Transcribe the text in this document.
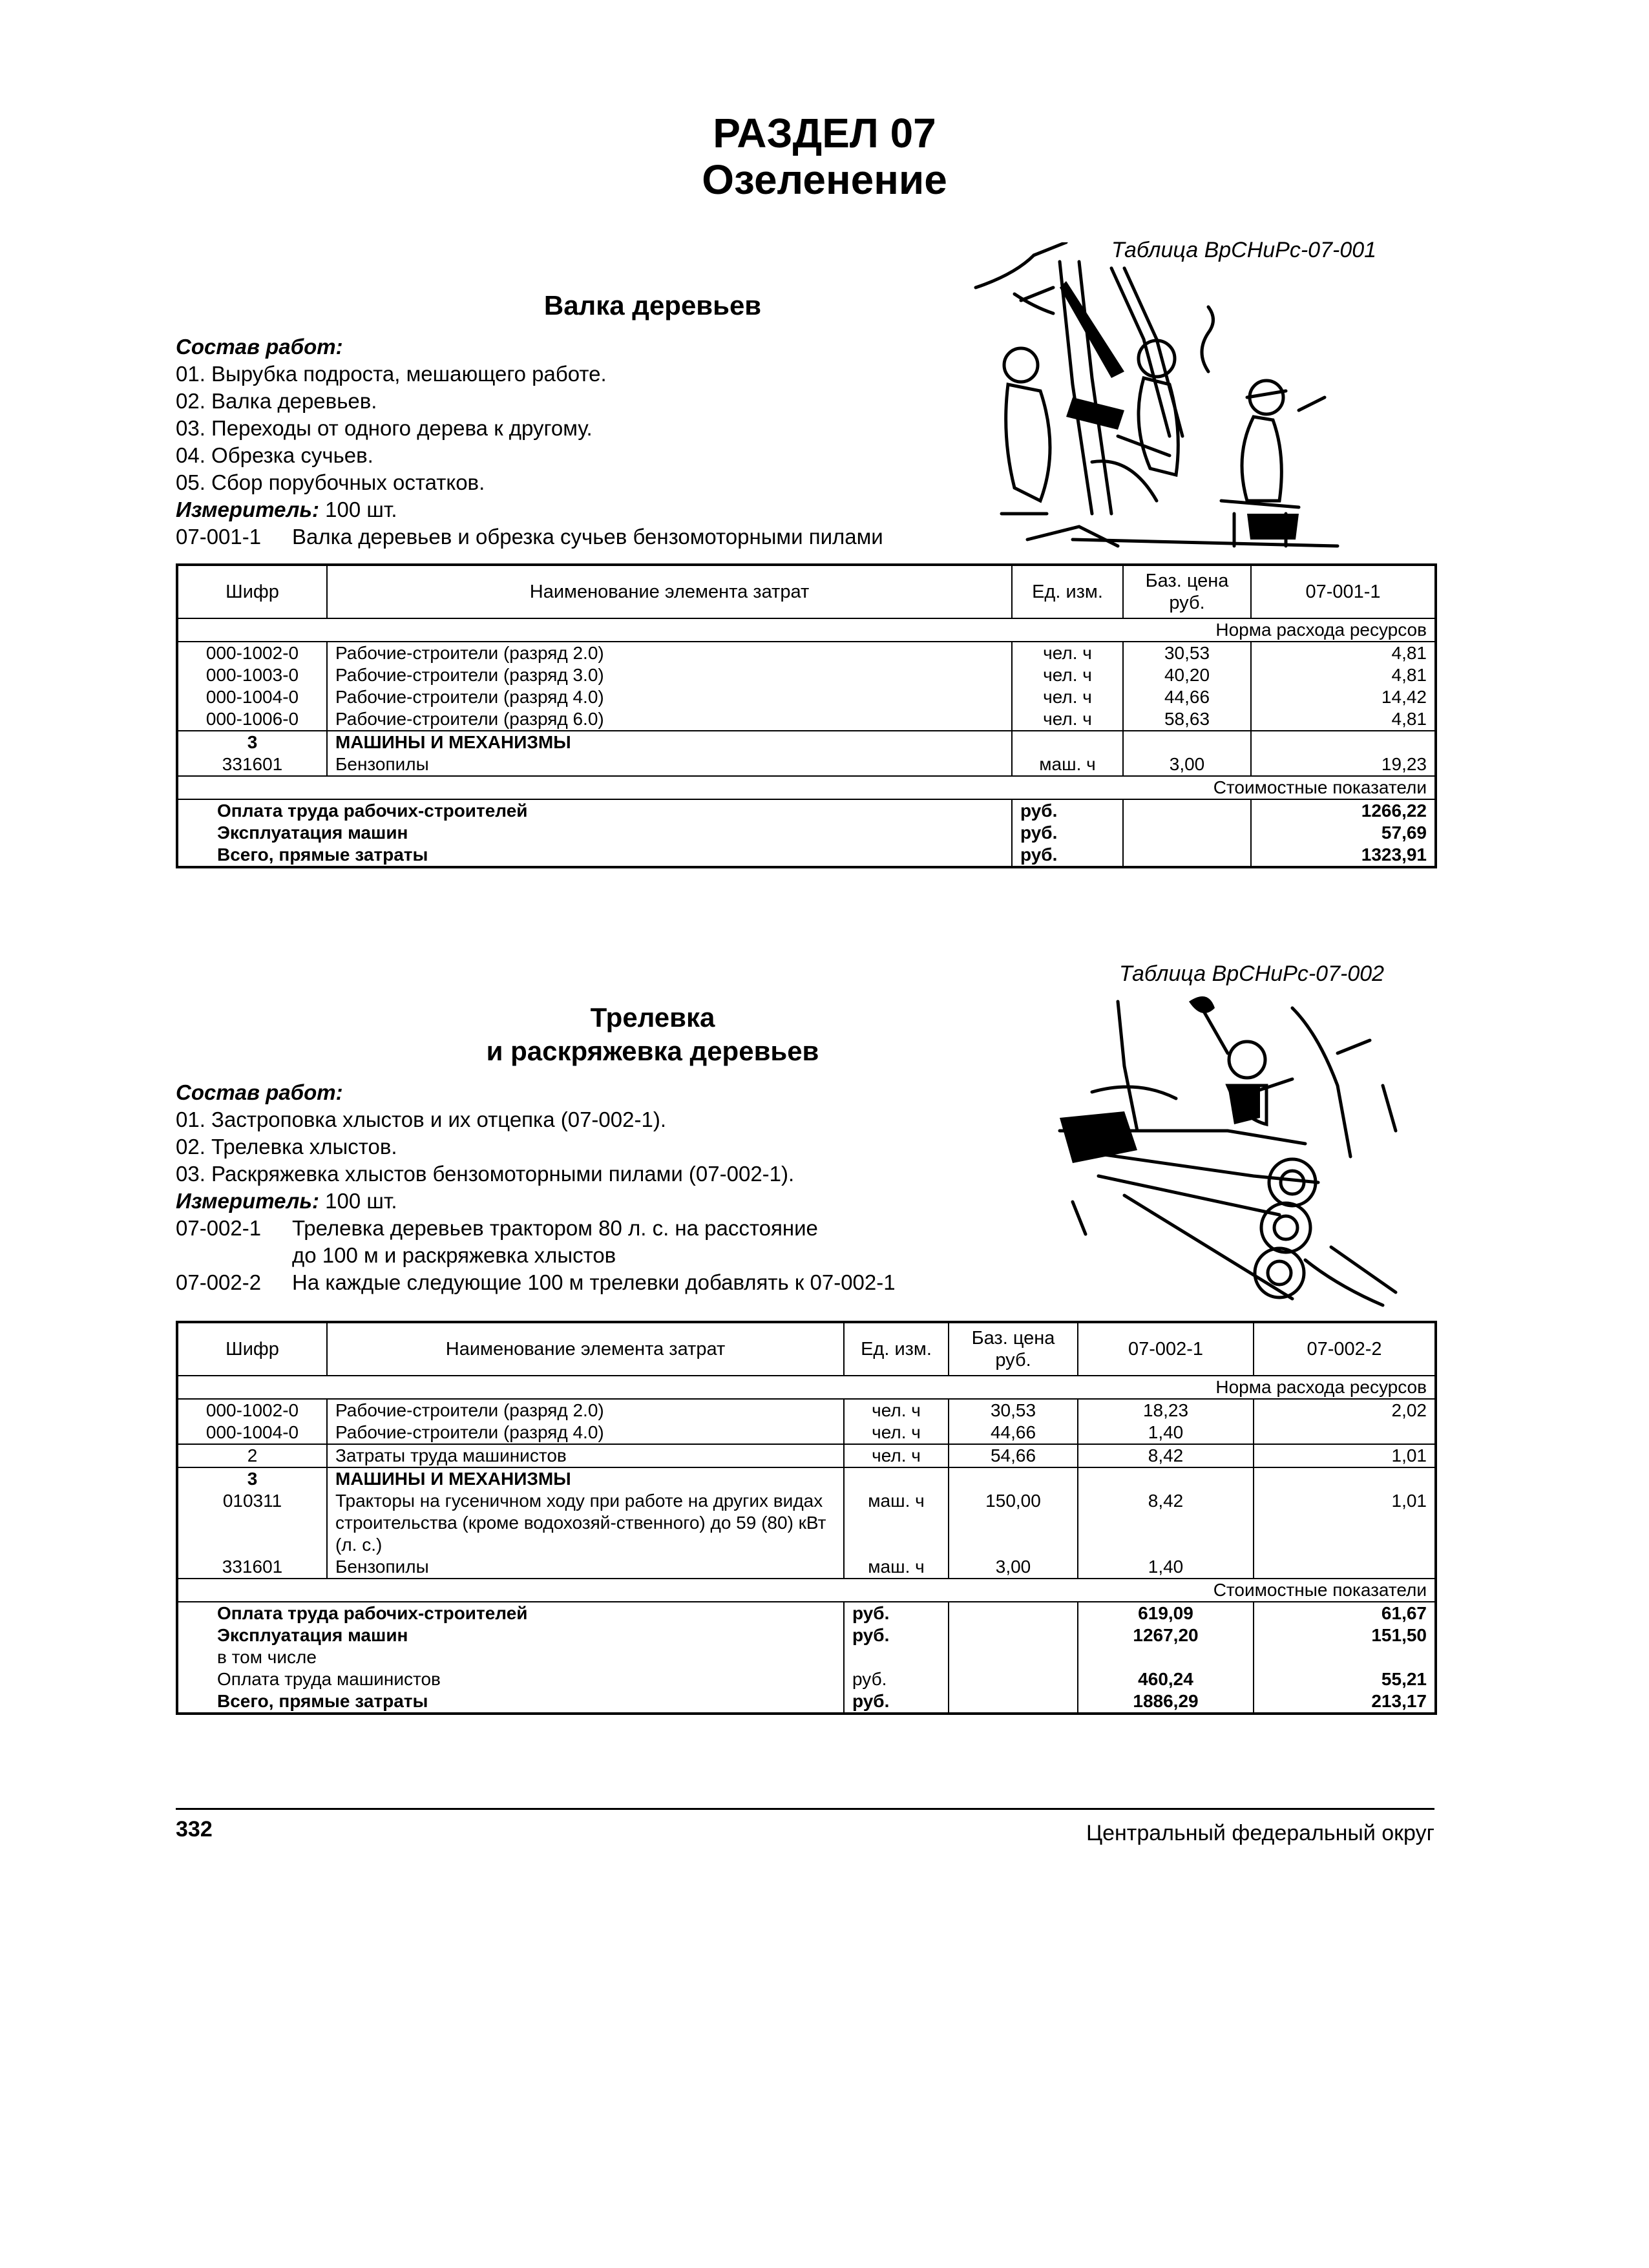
РАЗДЕЛ 07
Озеленение
Таблица ВрСНиРс-07-001
Валка деревьев
Состав работ:
01. Вырубка подроста, мешающего работе.
02. Валка деревьев.
03. Переходы от одного дерева к другому.
04. Обрезка сучьев.
05. Сбор порубочных остатков.
Измеритель: 100 шт.
07-001-1 Валка деревьев и обрезка сучьев бензомоторными пилами
Шифр	Наименование элемента затрат	Ед. изм.	Баз. цена руб.	07-001-1
Норма расхода ресурсов				
000-1002-0	Рабочие-строители (разряд 2.0)	чел. ч	30,53	4,81
000-1003-0	Рабочие-строители (разряд 3.0)	чел. ч	40,20	4,81
000-1004-0	Рабочие-строители (разряд 4.0)	чел. ч	44,66	14,42
000-1006-0	Рабочие-строители (разряд 6.0)	чел. ч	58,63	4,81
3	МАШИНЫ И МЕХАНИЗМЫ			
331601	Бензопилы	маш. ч	3,00	19,23
Стоимостные показатели				
Оплата труда рабочих-строителей		руб.		1266,22
Эксплуатация машин		руб.		57,69
Всего, прямые затраты		руб.		1323,91
Таблица ВрСНиРс-07-002
Трелевка
и раскряжевка деревьев
Состав работ:
01. Застроповка хлыстов и их отцепка (07-002-1).
02. Трелевка хлыстов.
03. Раскряжевка хлыстов бензомоторными пилами (07-002-1).
Измеритель: 100 шт.
07-002-1 Трелевка деревьев трактором 80 л. с. на расстояние
до 100 м и раскряжевка хлыстов
07-002-2 На каждые следующие 100 м трелевки добавлять к 07-002-1
Шифр	Наименование элемента затрат	Ед. изм.	Баз. цена руб.	07-002-1	07-002-2
Норма расхода ресурсов					
000-1002-0	Рабочие-строители (разряд 2.0)	чел. ч	30,53	18,23	2,02
000-1004-0	Рабочие-строители (разряд 4.0)	чел. ч	44,66	1,40	
2	Затраты труда машинистов	чел. ч	54,66	8,42	1,01
3	МАШИНЫ И МЕХАНИЗМЫ				
010311	Тракторы на гусеничном ходу при работе на других видах строительства (кроме водохозяй-ственного) до 59 (80) кВт (л. с.)	маш. ч	150,00	8,42	1,01
331601	Бензопилы	маш. ч	3,00	1,40	
Стоимостные показатели					
Оплата труда рабочих-строителей		руб.		619,09	61,67
Эксплуатация машин		руб.		1267,20	151,50
в том числе					
Оплата труда машинистов		руб.		460,24	55,21
Всего, прямые затраты		руб.		1886,29	213,17
332	Центральный федеральный округ
